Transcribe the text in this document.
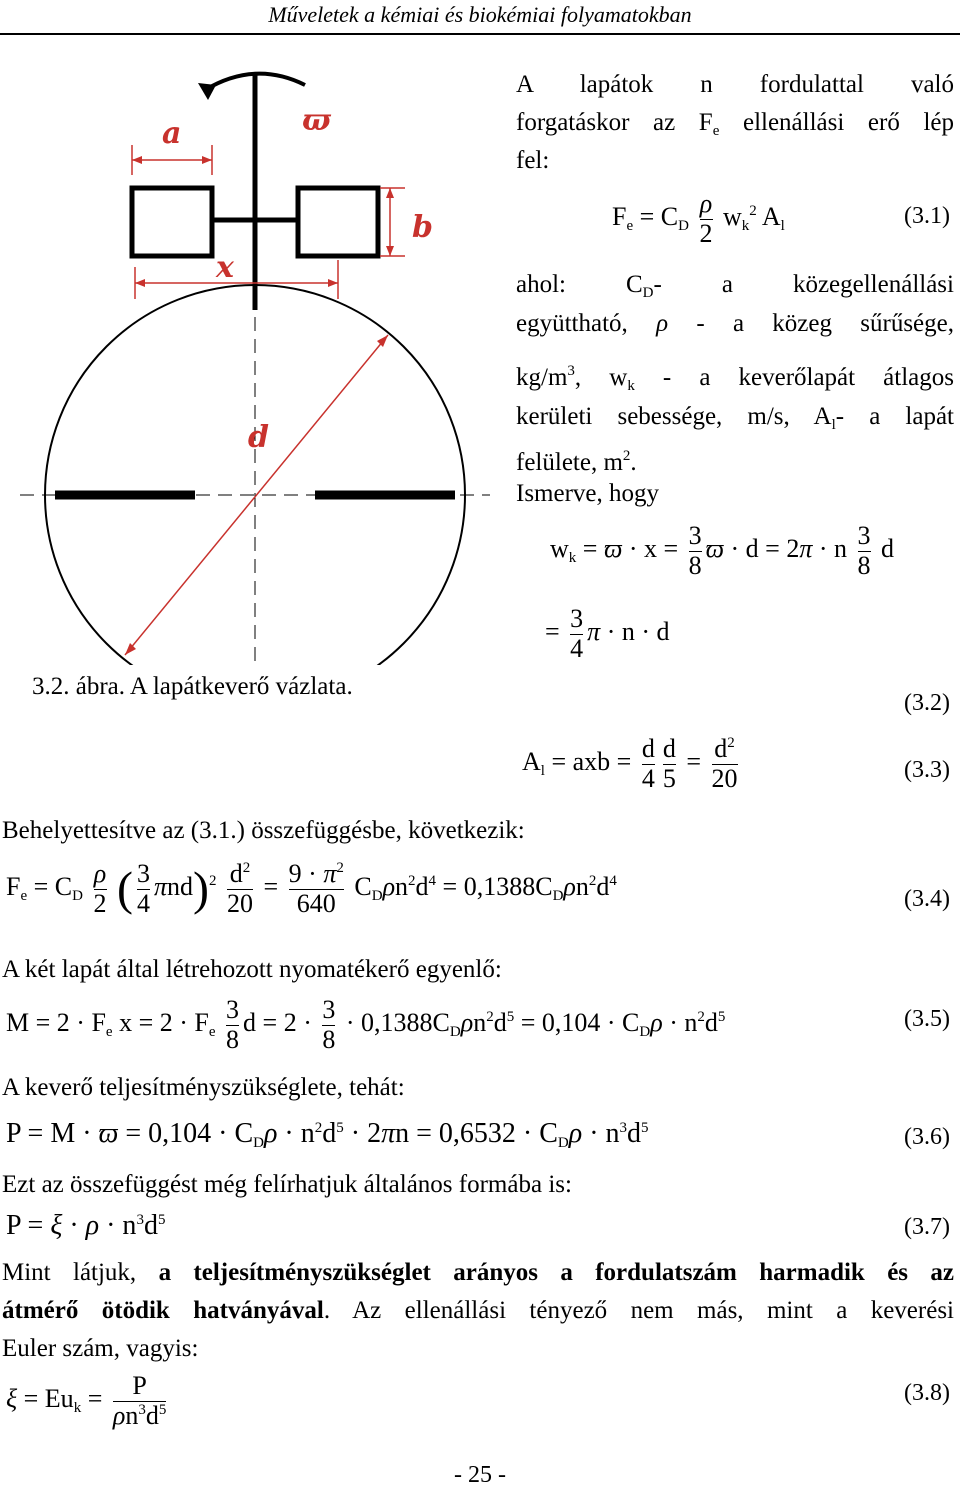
Műveletek a kémiai és biokémiai folyamatokban
a	ϖ
b
x
d
3.2. ábra. A lapátkeverő vázlata.
A lapátok n fordulattal való
forgatáskor az $F_e$ ellenállási erő lép
fel:
$F_e = C_D \frac{\rho}{2} w_k^2$ $A_l$	(3.1)
ahol: $C_D-$ a közegellenállási
együttható, ρ - a közeg sűrűsége,
$kg/m^3$, $w_k$ - a keverőlapát átlagos
kerületi sebessége, m/s, $A_l-$ a lapát
felülete, $m^2$.
Ismerve, hogy
$w_k = ϖ \cdot x = \frac{3}{8}$ ϖ · d = 2π · n $\frac{3}{8}$ d
= $\frac{3}{4}$ π · n · d
(3.2)
$A_l$ = axb = $\frac{d}{4} \frac{d}{5} = \frac{d^2}{20}$	(3.3)
Behelyettesítve az (3.1.) összefüggésbe, következik:
$F_e = C_D \frac{\rho}{2}$ ( $\frac{3}{4} \pi nd)^2 \frac{d^2}{20} = \frac{9 \cdot \pi^2}{640} C_D\rho n^2d^4 = 0,1388C_D\rho n^2d^4$
(3.4)
A két lapát által létrehozott nyomatékerő egyenlő:
$M = 2 \cdot F_e$ $x = 2 \cdot F_e \frac{3}{8}$ $d = 2 \cdot \frac{3}{8} \cdot 0,1388C_D\rho n^2d^5 = 0,104 \cdot C_D\rho \cdot n^2d^5$	(3.5)
A keverő teljesítményszükséglete, tehát:
$P = M \cdot ϖ = 0,104 \cdot C_D\rho \cdot n^2d^5 \cdot 2\pi n = 0,6532 \cdot C_D\rho \cdot n^3d^5$	(3.6)
Ezt az összefüggést még felírhatjuk általános formába is:
$P = \xi \cdot \rho \cdot n^3d^5$	(3.7)
Mint látjuk, a teljesítményszükséglet arányos a fordulatszám harmadik és az
átmérő ötödik hatványával. Az ellenállási tényező nem más, mint a keverési
Euler szám, vagyis:
$\xi = Eu_k = \frac{P}{\rho n^3d^5}$	(3.8)
- 25 -
